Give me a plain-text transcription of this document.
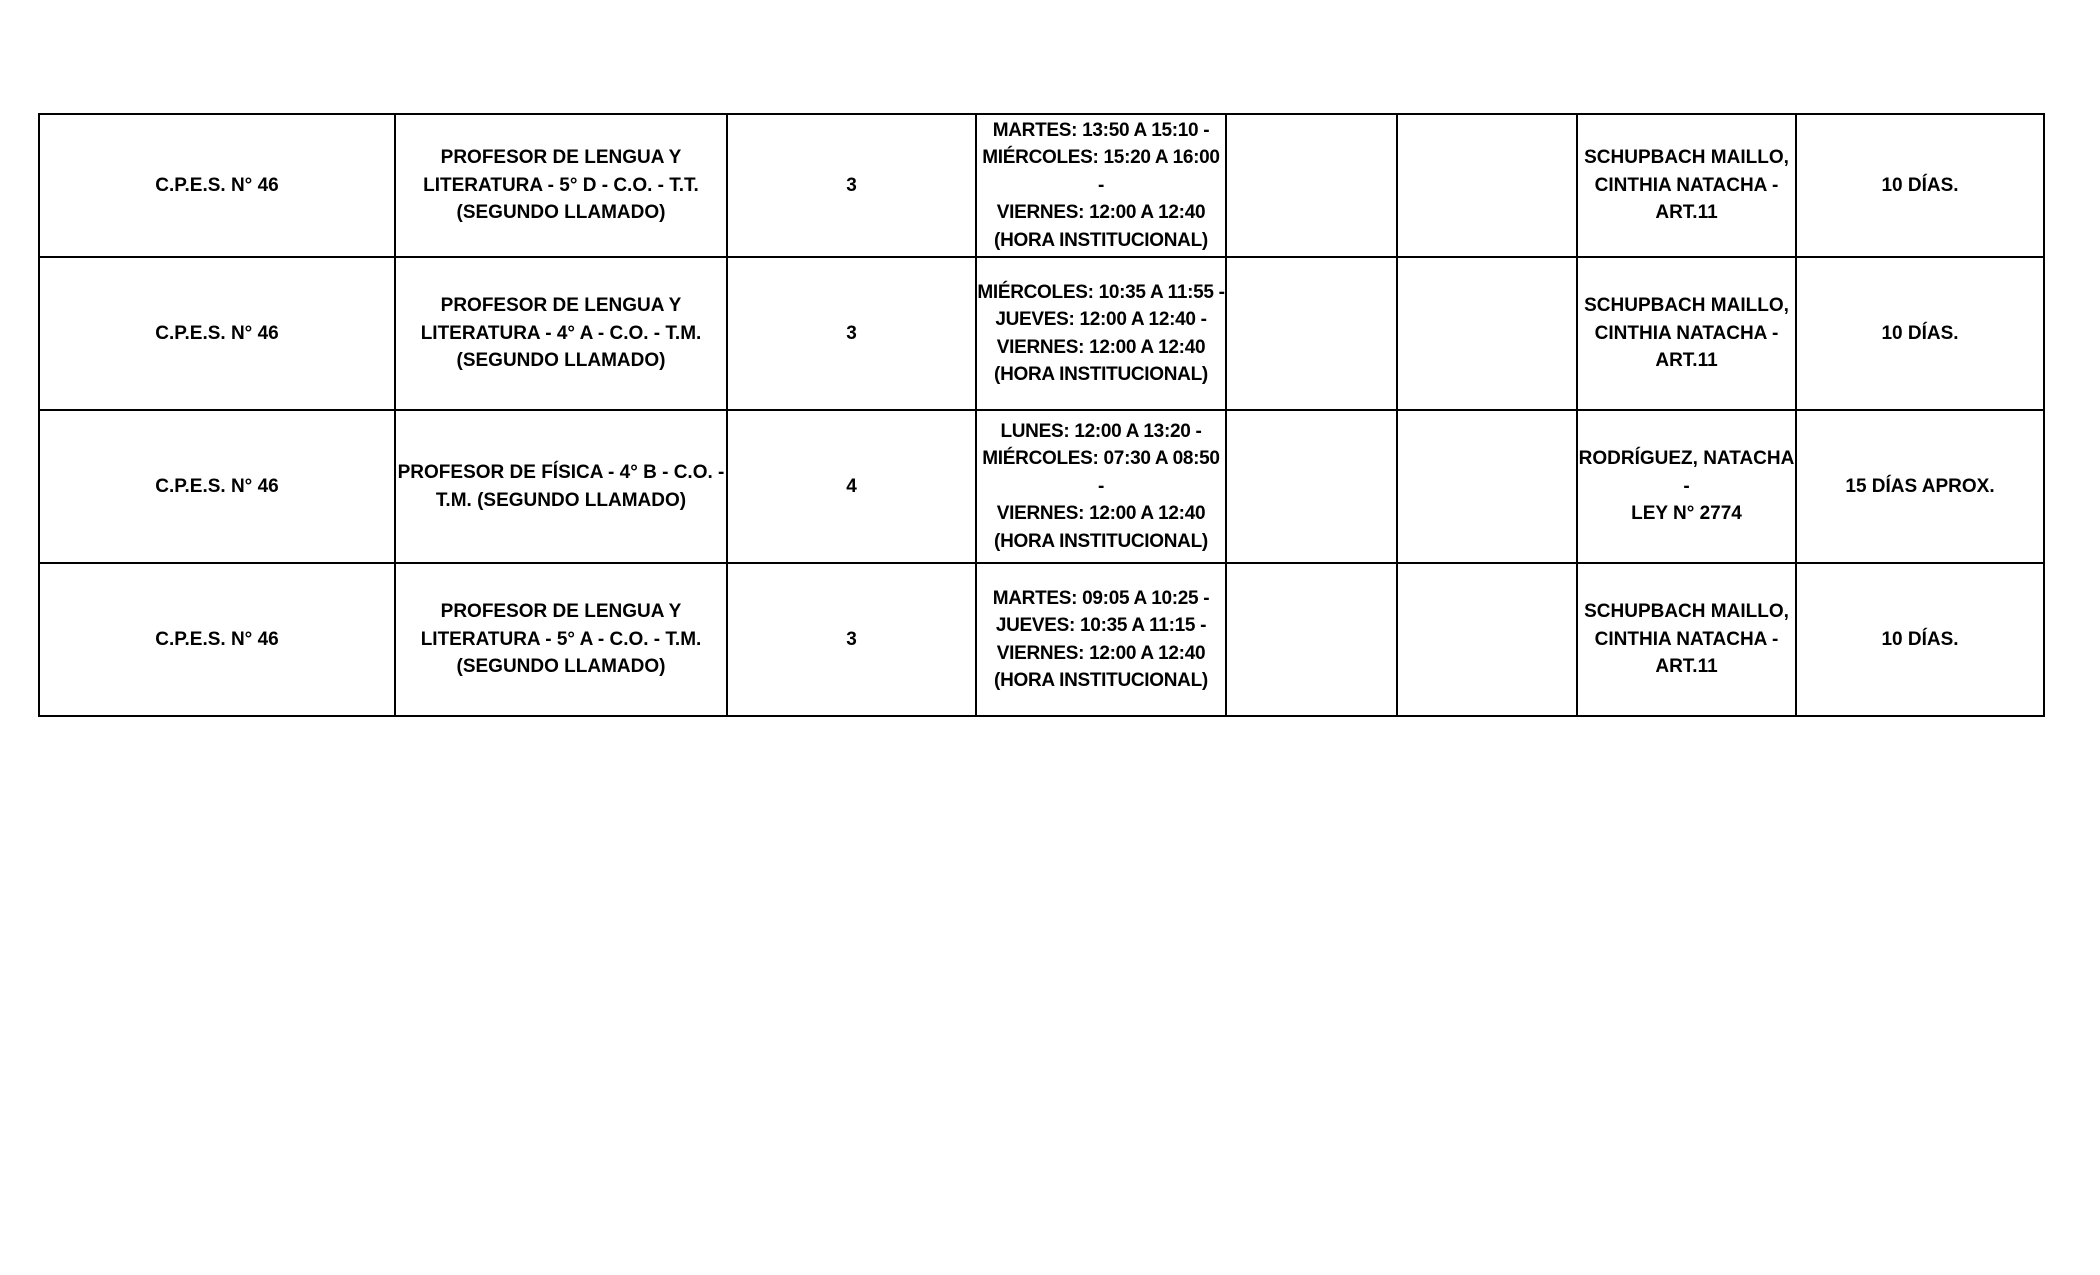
C.P.E.S. N° 46	PROFESOR DE LENGUA Y
LITERATURA - 5° D - C.O. - T.T.
(SEGUNDO LLAMADO)	3	MARTES: 13:50 A 15:10 -
MIÉRCOLES: 15:20 A 16:00 -
VIERNES: 12:00 A 12:40
(HORA INSTITUCIONAL)			SCHUPBACH MAILLO,
CINTHIA NATACHA -
ART.11	10 DÍAS.
C.P.E.S. N° 46	PROFESOR DE LENGUA Y
LITERATURA - 4° A - C.O. - T.M.
(SEGUNDO LLAMADO)	3	MIÉRCOLES: 10:35 A 11:55 -
JUEVES: 12:00 A 12:40 -
VIERNES: 12:00 A 12:40
(HORA INSTITUCIONAL)			SCHUPBACH MAILLO,
CINTHIA NATACHA -
ART.11	10 DÍAS.
C.P.E.S. N° 46	PROFESOR DE FÍSICA - 4° B - C.O. -
T.M. (SEGUNDO LLAMADO)	4	LUNES: 12:00 A 13:20 -
MIÉRCOLES: 07:30 A 08:50 -
VIERNES: 12:00 A 12:40
(HORA INSTITUCIONAL)			RODRÍGUEZ, NATACHA -
LEY N° 2774	15 DÍAS APROX.
C.P.E.S. N° 46	PROFESOR DE LENGUA Y
LITERATURA - 5° A - C.O. - T.M.
(SEGUNDO LLAMADO)	3	MARTES: 09:05 A 10:25 -
JUEVES: 10:35 A 11:15 -
VIERNES: 12:00 A 12:40
(HORA INSTITUCIONAL)			SCHUPBACH MAILLO,
CINTHIA NATACHA -
ART.11	10 DÍAS.
